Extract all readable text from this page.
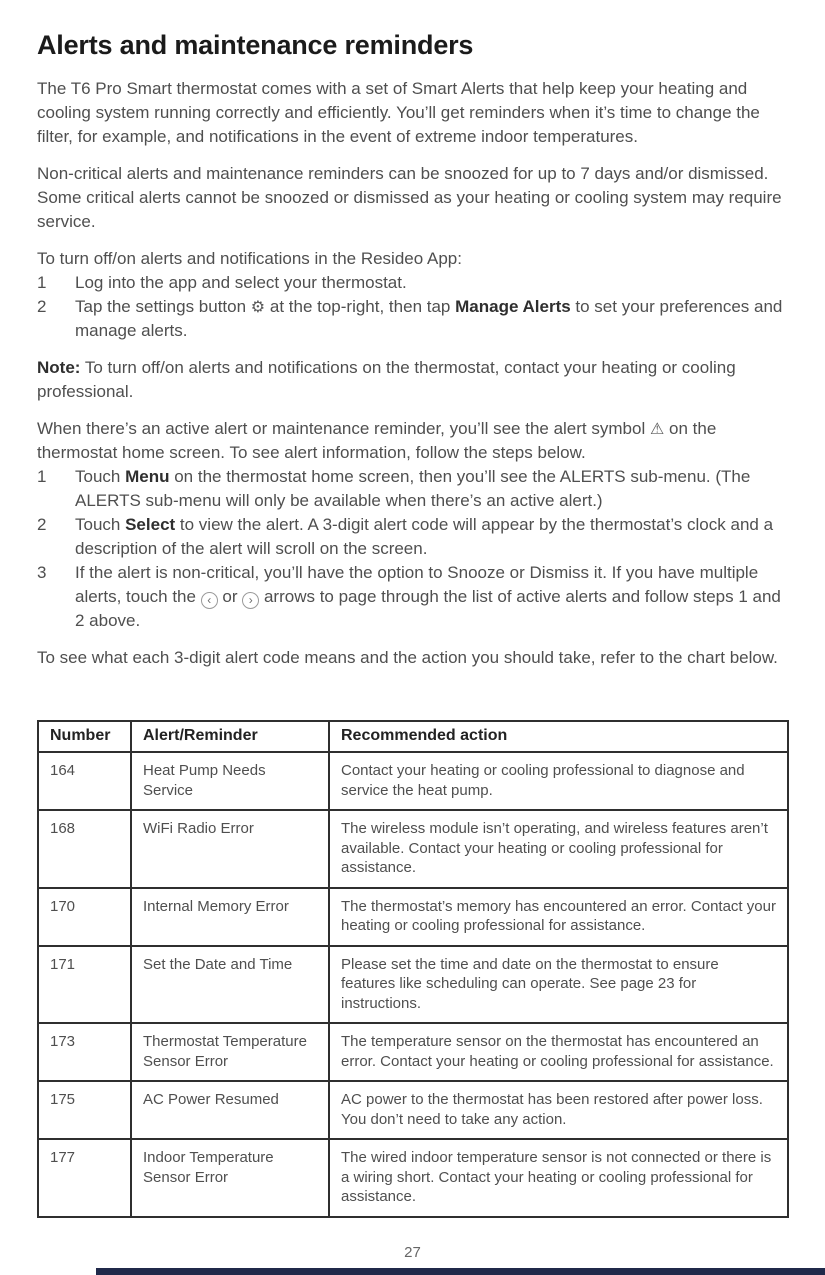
Alerts and maintenance reminders

The T6 Pro Smart thermostat comes with a set of Smart Alerts that help keep your heating and cooling system running correctly and efficiently. You’ll get reminders when it’s time to change the filter, for example, and notifications in the event of extreme indoor temperatures.

Non-critical alerts and maintenance reminders can be snoozed for up to 7 days and/or dismissed. Some critical alerts cannot be snoozed or dismissed as your heating or cooling system may require service.

To turn off/on alerts and notifications in the Resideo App:

1	Log into the app and select your thermostat.
2	Tap the settings button ⚙ at the top-right, then tap Manage Alerts to set your preferences and manage alerts.

Note: To turn off/on alerts and notifications on the thermostat, contact your heating or cooling professional.

When there’s an active alert or maintenance reminder, you’ll see the alert symbol ⚠ on the thermostat home screen. To see alert information, follow the steps below.

1	Touch Menu on the thermostat home screen, then you’ll see the ALERTS sub-menu. (The ALERTS sub-menu will only be available when there’s an active alert.)
2	Touch Select to view the alert. A 3-digit alert code will appear by the thermostat’s clock and a description of the alert will scroll on the screen.
3	If the alert is non-critical, you’ll have the option to Snooze or Dismiss it. If you have multiple alerts, touch the ‹ or › arrows to page through the list of active alerts and follow steps 1 and 2 above.

To see what each 3-digit alert code means and the action you should take, refer to the chart below.

Number	Alert/Reminder	Recommended action
164	Heat Pump Needs Service	Contact your heating or cooling professional to diagnose and service the heat pump.
168	WiFi Radio Error	The wireless module isn’t operating, and wireless features aren’t available. Contact your heating or cooling professional for assistance.
170	Internal Memory Error	The thermostat’s memory has encountered an error. Contact your heating or cooling professional for assistance.
171	Set the Date and Time	Please set the time and date on the thermostat to ensure features like scheduling can operate. See page 23 for instructions.
173	Thermostat Temperature Sensor Error	The temperature sensor on the thermostat has encountered an error. Contact your heating or cooling professional for assistance.
175	AC Power Resumed	AC power to the thermostat has been restored after power loss. You don’t need to take any action.
177	Indoor Temperature Sensor Error	The wired indoor temperature sensor is not connected or there is a wiring short. Contact your heating or cooling professional for assistance.
27
